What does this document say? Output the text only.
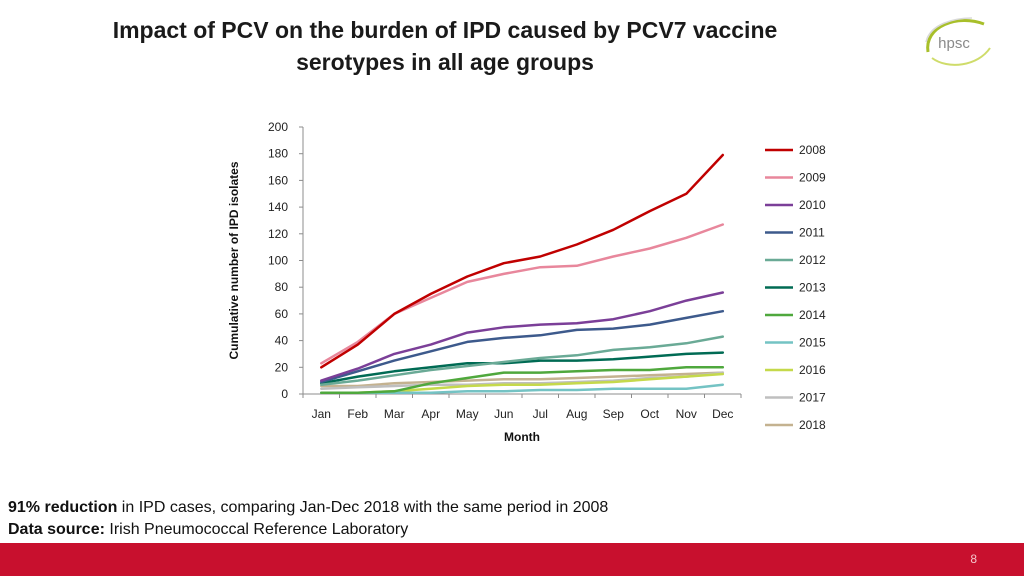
Impact of PCV on the burden of IPD caused by PCV7 vaccine
serotypes in all age groups
hpsc
0
20
40
60
80
100
120
140
160
180
200
Jan Feb Mar Apr May Jun Jul Aug Sep Oct Nov Dec
2008
2009
2010
2011
2012
2013
2014
2015
2016
2017
2018
Month
Cumulative number of IPD isolates

91% reduction in IPD cases, comparing Jan-Dec 2018 with the same period in 2008

Data source: Irish Pneumococcal Reference Laboratory

8
